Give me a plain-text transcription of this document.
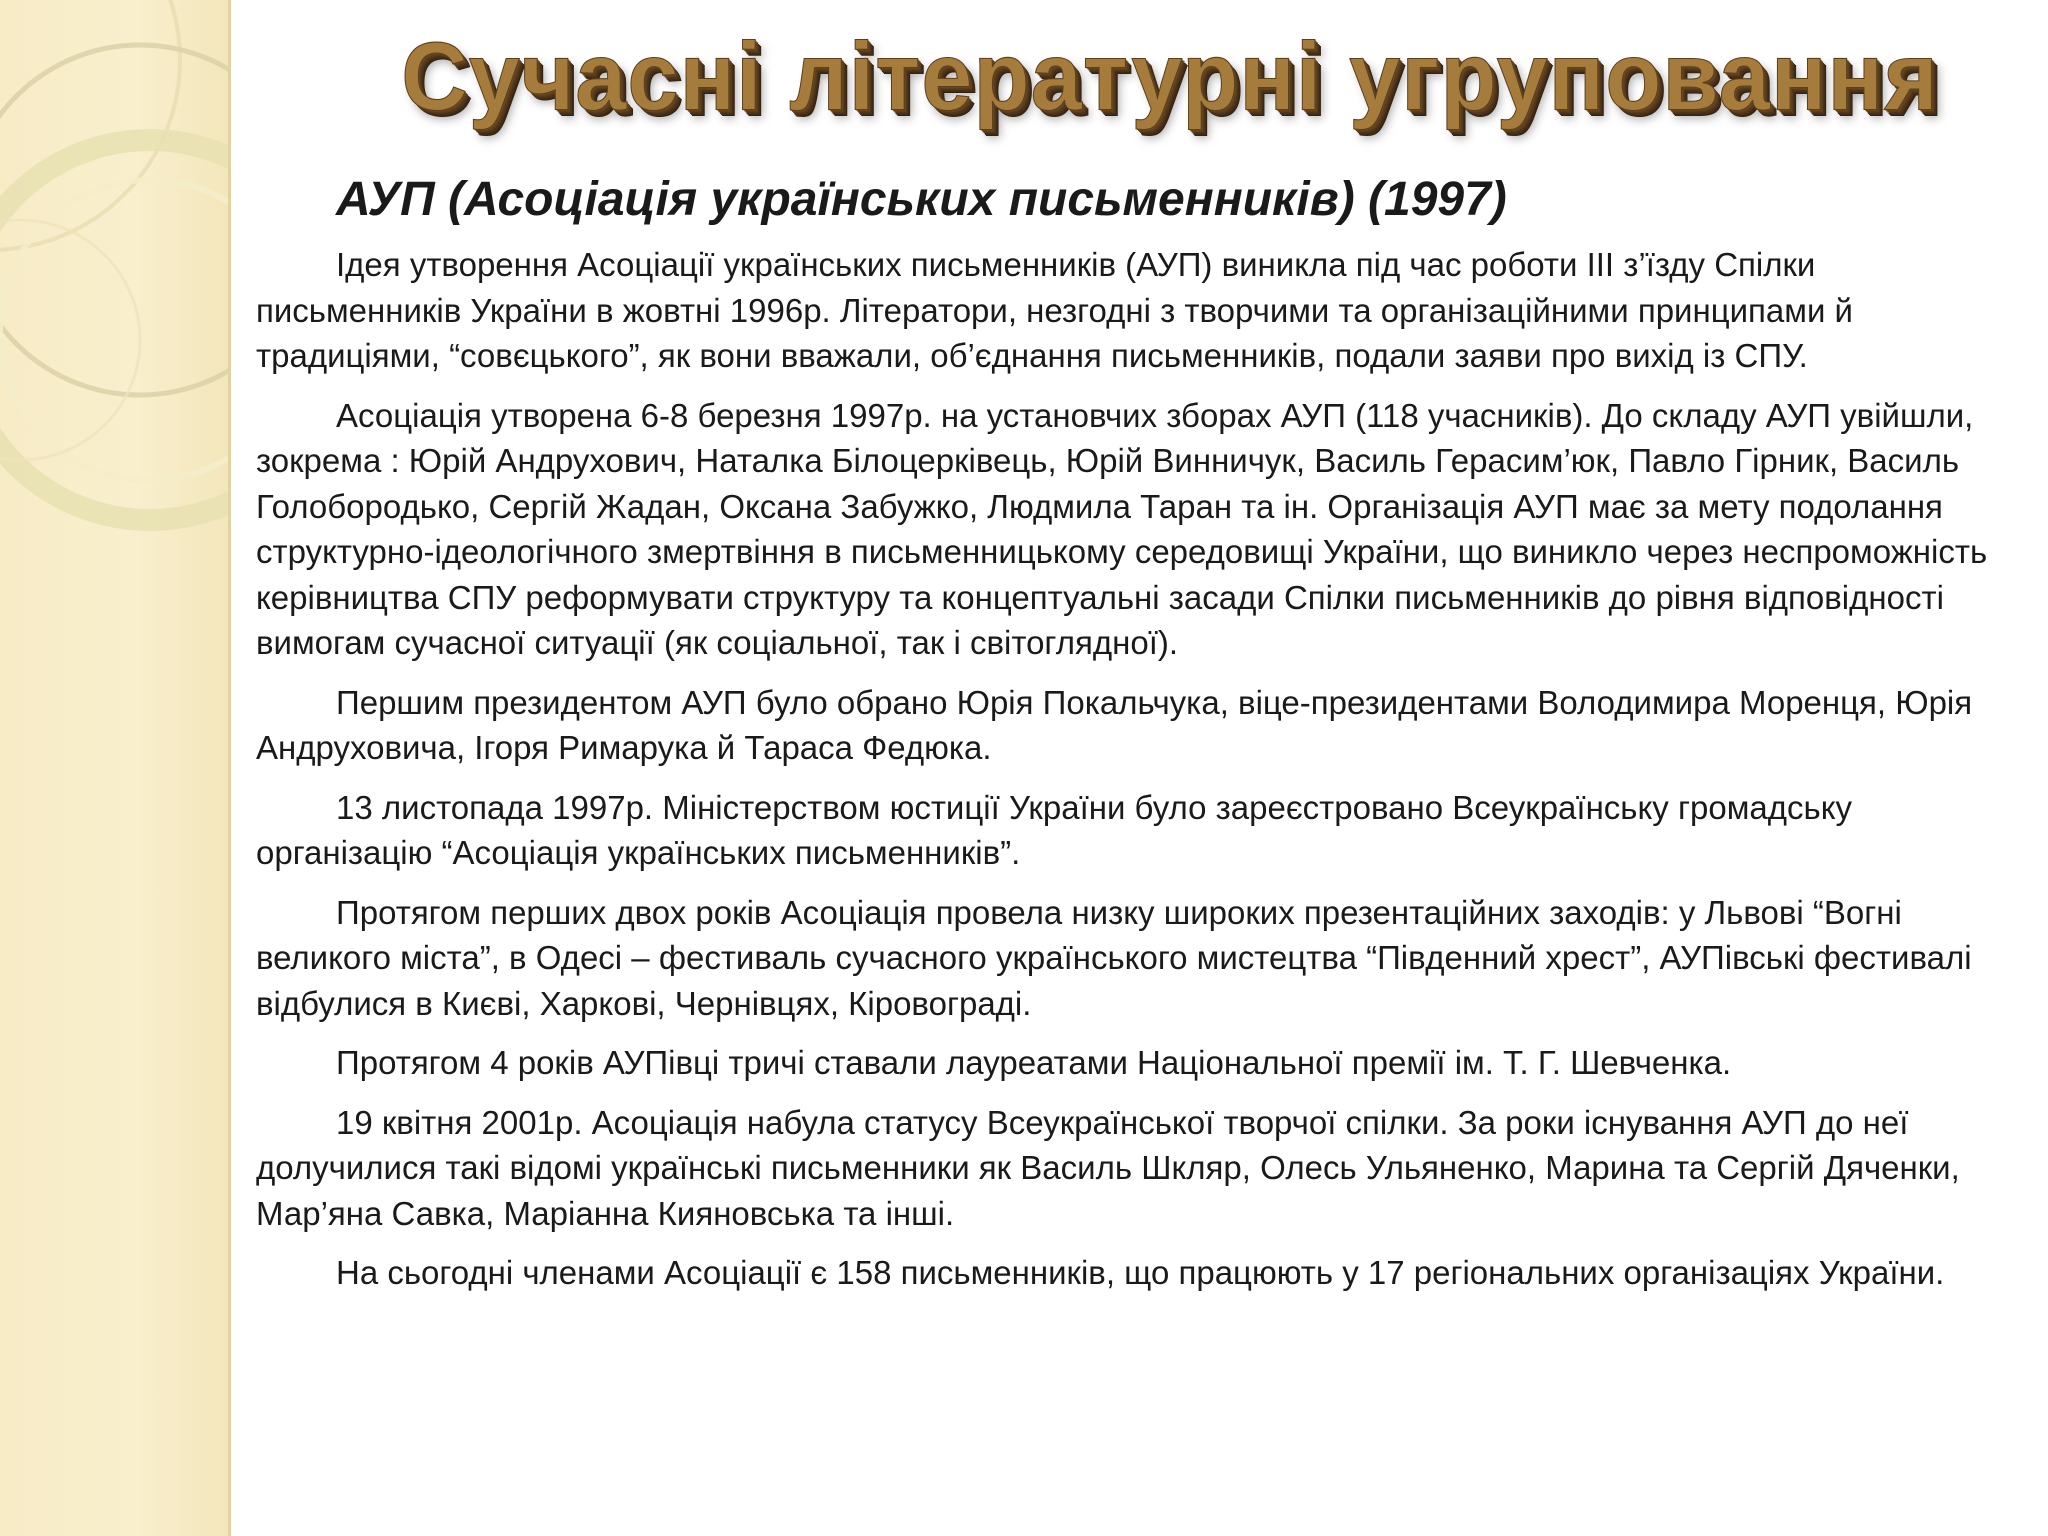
Сучасні літературні угруповання
АУП (Асоціація українських письменників) (1997)

Ідея утворення Асоціації українських письменників (АУП) виникла під час роботи ІІІ з’їзду Спілки письменників України в жовтні 1996р. Літератори, незгодні з творчими та організаційними принципами й традиціями, “совєцького”, як вони вважали, об’єднання письменників, подали заяви про вихід із СПУ.

Асоціація утворена 6-8 березня 1997р. на установчих зборах АУП (118 учасників). До складу АУП увійшли, зокрема : Юрій Андрухович, Наталка Білоцерківець, Юрій Винничук, Василь Герасим’юк, Павло Гірник, Василь Голобородько, Сергій Жадан, Оксана Забужко, Людмила Таран та ін. Організація АУП має за мету подолання структурно-ідеологічного змертвіння в письменницькому середовищі України, що виникло через неспроможність керівництва СПУ реформувати структуру та концептуальні засади Спілки письменників до рівня відповідності вимогам сучасної ситуації (як соціальної, так і світоглядної).

Першим президентом АУП було обрано Юрія Покальчука, віце-президентами Володимира Моренця, Юрія Андруховича, Ігоря Римарука й Тараса Федюка.

13 листопада 1997р. Міністерством юстиції України було зареєстровано Всеукраїнську громадську організацію “Асоціація українських письменників”.

Протягом перших двох років Асоціація провела низку широких презентаційних заходів: у Львові “Вогні великого міста”, в Одесі – фестиваль сучасного українського мистецтва “Південний хрест”, АУПівські фестивалі відбулися в Києві, Харкові, Чернівцях, Кіровограді.

Протягом 4 років АУПівці тричі ставали лауреатами Національної премії ім. Т. Г. Шевченка.

19 квітня 2001р. Асоціація набула статусу Всеукраїнської творчої спілки. За роки існування АУП до неї долучилися такі відомі українські письменники як Василь Шкляр, Олесь Ульяненко, Марина та Сергій Дяченки, Мар’яна Савка, Маріанна Кияновська та інші.

На сьогодні членами Асоціації є 158 письменників, що працюють у 17 регіональних організаціях України.
